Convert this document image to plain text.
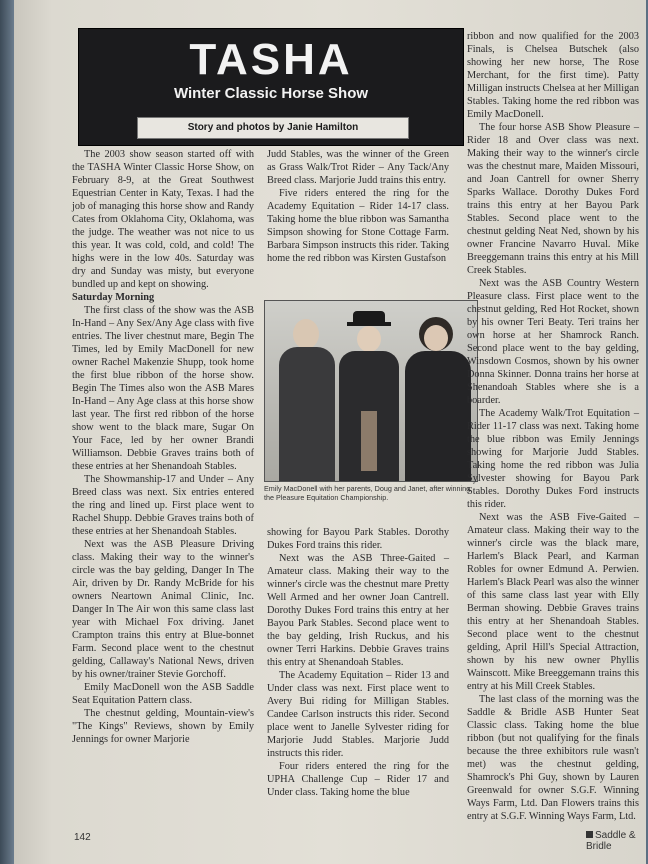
TASHA
Winter Classic Horse Show
Story and photos by Janie Hamilton

The 2003 show season started off with the TASHA Winter Classic Horse Show, on February 8-9, at the Great Southwest Equestrian Center in Katy, Texas. I had the job of managing this horse show and Randy Cates from Oklahoma City, Oklahoma, was the judge. The weather was not nice to us this year. It was cold, cold, and cold! The highs were in the low 40s. Saturday was dry and Sunday was misty, but everyone bundled up and kept on showing.

Saturday Morning

The first class of the show was the ASB In-Hand – Any Sex/Any Age class with five entries. The liver chestnut mare, Begin The Times, led by Emily MacDonell for new owner Rachel Makenzie Shupp, took home the first blue ribbon of the horse show. Begin The Times also won the ASB Mares In-Hand – Any Age class at this horse show last year. The first red ribbon of the horse show went to the black mare, Sugar On Your Face, led by her owner Brandi Williamson. Debbie Graves trains both of these entries at her Shenandoah Stables.

The Showmanship-17 and Under – Any Breed class was next. Six entries entered the ring and lined up. First place went to Rachel Shupp. Debbie Graves trains both of these entries at her Shenandoah Stables.

Next was the ASB Pleasure Driving class. Making their way to the winner's circle was the bay gelding, Danger In The Air, driven by Dr. Randy McBride for his owners Neartown Animal Clinic, Inc. Danger In The Air won this same class last year with Michael Fox driving. Janet Crampton trains this entry at Blue-bonnet Farm. Second place went to the chestnut gelding, Callaway's National News, driven by his owner/trainer Stevie Gorchoff.

Emily MacDonell won the ASB Saddle Seat Equitation Pattern class.

The chestnut gelding, Mountain-view's "The Kings" Reviews, shown by Emily Jennings for owner Marjorie

Judd Stables, was the winner of the Green as Grass Walk/Trot Rider – Any Tack/Any Breed class. Marjorie Judd trains this entry.

Five riders entered the ring for the Academy Equitation – Rider 14-17 class. Taking home the blue ribbon was Samantha Simpson showing for Stone Cottage Farm. Barbara Simpson instructs this rider. Taking home the red ribbon was Kirsten Gustafson

Emily MacDonell with her parents, Doug and Janet, after winning the Pleasure Equitation Championship.

showing for Bayou Park Stables. Dorothy Dukes Ford trains this rider.

Next was the ASB Three-Gaited – Amateur class. Making their way to the winner's circle was the chestnut mare Pretty Well Armed and her owner Joan Cantrell. Dorothy Dukes Ford trains this entry at her Bayou Park Stables. Second place went to the bay gelding, Irish Ruckus, and his owner Terri Harkins. Debbie Graves trains this entry at Shenandoah Stables.

The Academy Equitation – Rider 13 and Under class was next. First place went to Avery Bui riding for Milligan Stables. Candee Carlson instructs this rider. Second place went to Janelle Sylvester riding for Marjorie Judd Stables. Marjorie Judd instructs this rider.

Four riders entered the ring for the UPHA Challenge Cup – Rider 17 and Under class. Taking home the blue

ribbon and now qualified for the 2003 Finals, is Chelsea Butschek (also showing her new horse, The Rose Merchant, for the first time). Patty Milligan instructs Chelsea at her Milligan Stables. Taking home the red ribbon was Emily MacDonell.

The four horse ASB Show Pleasure – Rider 18 and Over class was next. Making their way to the winner's circle was the chestnut mare, Maiden Missouri, and Joan Cantrell for owner Sherry Sparks Wallace. Dorothy Dukes Ford trains this entry at her Bayou Park Stables. Second place went to the chestnut gelding Neat Ned, shown by his owner Francine Navarro Huval. Mike Breeggemann trains this entry at his Mill Creek Stables.

Next was the ASB Country Western Pleasure class. First place went to the chestnut gelding, Red Hot Rocket, shown by his owner Teri Beaty. Teri trains her own horse at her Shamrock Ranch. Second place went to the bay gelding, Winsdown Cosmos, shown by his owner Donna Skinner. Donna trains her horse at Shenandoah Stables where she is a boarder.

The Academy Walk/Trot Equitation – Rider 11-17 class was next. Taking home the blue ribbon was Emily Jennings showing for Marjorie Judd Stables. Taking home the red ribbon was Julia Sylvester showing for Bayou Park Stables. Dorothy Dukes Ford instructs this rider.

Next was the ASB Five-Gaited – Amateur class. Making their way to the winner's circle was the black mare, Harlem's Black Pearl, and Karman Robles for owner Edmund A. Perwien. Harlem's Black Pearl was also the winner of this same class last year with Elly Berman showing. Debbie Graves trains this entry at her Shenandoah Stables. Second place went to the chestnut gelding, April Hill's Special Attraction, shown by his new owner Phyllis Wainscott. Mike Breeggemann trains this entry at his Mill Creek Stables.

The last class of the morning was the Saddle & Bridle ASB Hunter Seat Classic class. Taking home the blue ribbon (but not qualifying for the finals because the three exhibitors rule wasn't met) was the chestnut gelding, Shamrock's Phi Guy, shown by Lauren Greenwald for owner S.G.F. Winning Ways Farm, Ltd. Dan Flowers trains this entry at S.G.F. Winning Ways Farm, Ltd.

142	Saddle & Bridle
